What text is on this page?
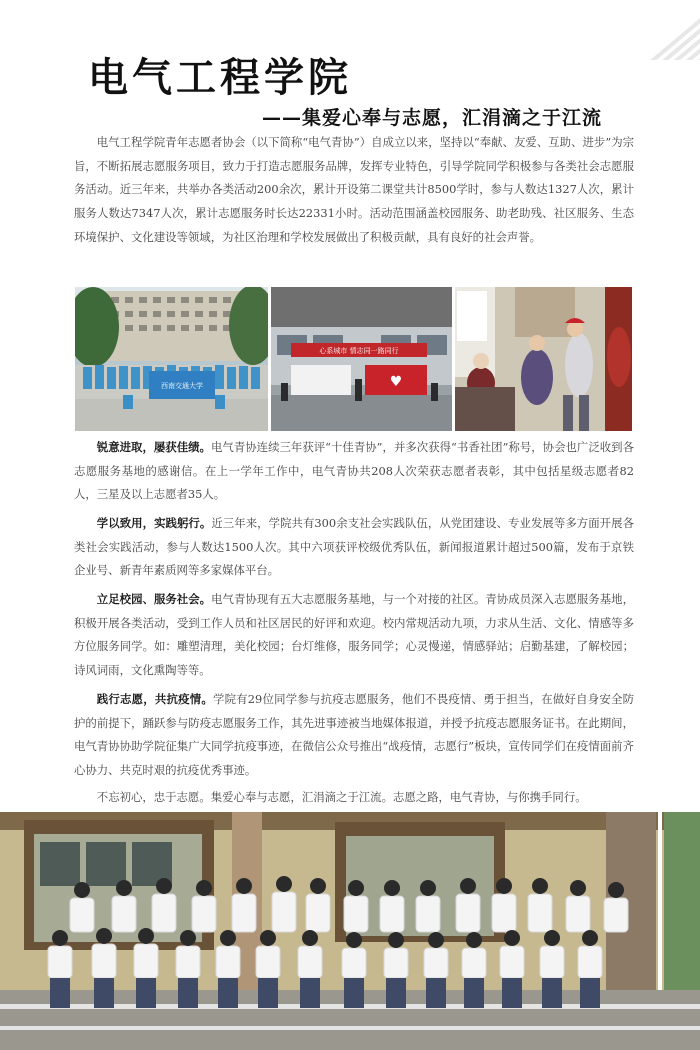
电气工程学院
——集爱心奉与志愿，汇涓滴之于江流

电气工程学院青年志愿者协会（以下简称“电气青协”）自成立以来，坚持以“奉献、友爱、互助、进步”为宗旨，不断拓展志愿服务项目，致力于打造志愿服务品牌，发挥专业特色，引导学院同学积极参与各类社会志愿服务活动。近三年来，共举办各类活动200余次，累计开设第二课堂共计8500学时，参与人数达1327人次，累计服务人数达7347人次，累计志愿服务时长达22331小时。活动范围涵盖校园服务、助老助残、社区服务、生态环境保护、文化建设等领域，为社区治理和学校发展做出了积极贡献，具有良好的社会声誉。

西南交通大学
心系城市 情志同一路同行
♥

锐意进取，屡获佳绩。电气青协连续三年获评“十佳青协”，并多次获得“书香社团”称号，协会也广泛收到各志愿服务基地的感谢信。在上一学年工作中，电气青协共208人次荣获志愿者表彰，其中包括星级志愿者82人，三星及以上志愿者35人。

学以致用，实践躬行。近三年来，学院共有300余支社会实践队伍，从党团建设、专业发展等多方面开展各类社会实践活动，参与人数达1500人次。其中六项获评校级优秀队伍，新闻报道累计超过500篇，发布于京铁企业号、新青年素质网等多家媒体平台。

立足校园、服务社会。电气青协现有五大志愿服务基地，与一个对接的社区。青协成员深入志愿服务基地，积极开展各类活动，受到工作人员和社区居民的好评和欢迎。校内常规活动九项，力求从生活、文化、情感等多方位服务同学。如：雕塑清理，美化校园；台灯维修，服务同学；心灵慢递，情感驿站；启勤基建，了解校园；诗风词雨，文化熏陶等等。

践行志愿，共抗疫情。学院有29位同学参与抗疫志愿服务，他们不畏疫情、勇于担当，在做好自身安全防护的前提下，踊跃参与防疫志愿服务工作，其先进事迹被当地媒体报道，并授予抗疫志愿服务证书。在此期间，电气青协协助学院征集广大同学抗疫事迹，在微信公众号推出“战疫情，志愿行”板块，宣传同学们在疫情面前齐心协力、共克时艰的抗疫优秀事迹。

不忘初心，忠于志愿。集爱心奉与志愿，汇涓滴之于江流。志愿之路，电气青协，与你携手同行。
